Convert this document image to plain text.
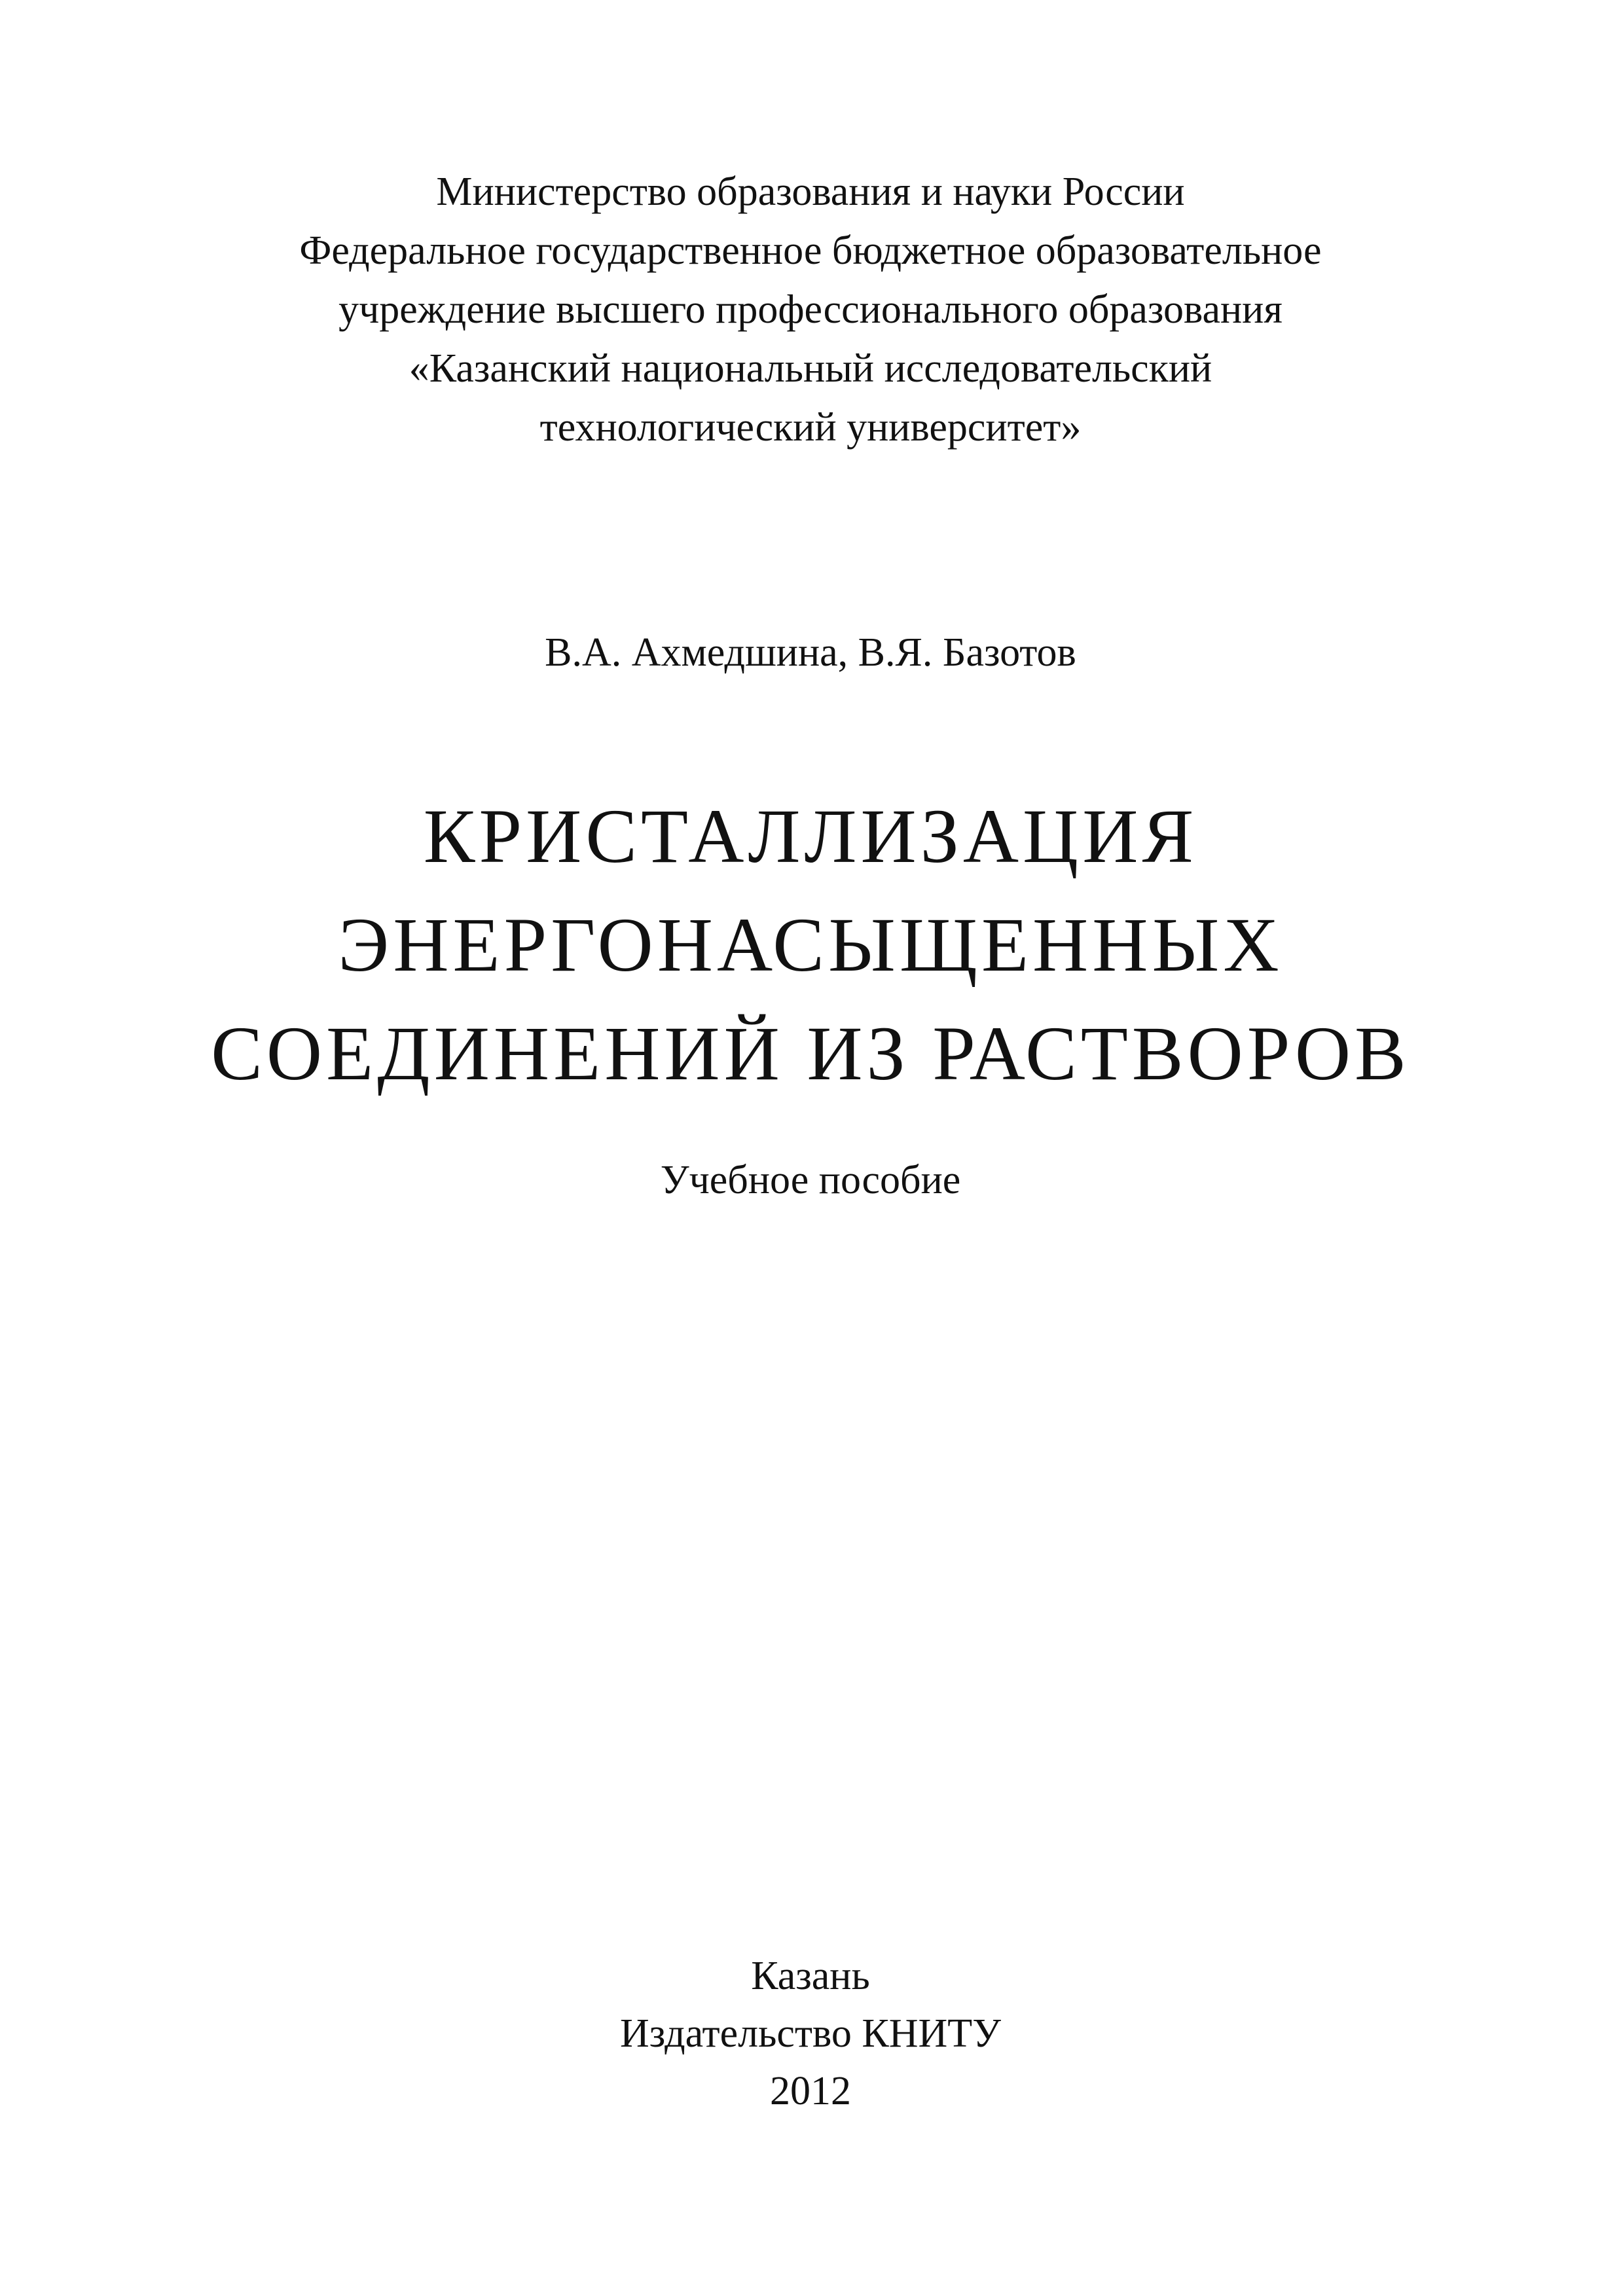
Министерство образования и науки России
Федеральное государственное бюджетное образовательное
учреждение высшего профессионального образования
«Казанский национальный исследовательский
технологический университет»
В.А. Ахмедшина, В.Я. Базотов
КРИСТАЛЛИЗАЦИЯ
ЭНЕРГОНАСЫЩЕННЫХ
СОЕДИНЕНИЙ ИЗ РАСТВОРОВ
Учебное пособие
Казань
Издательство КНИТУ
2012
